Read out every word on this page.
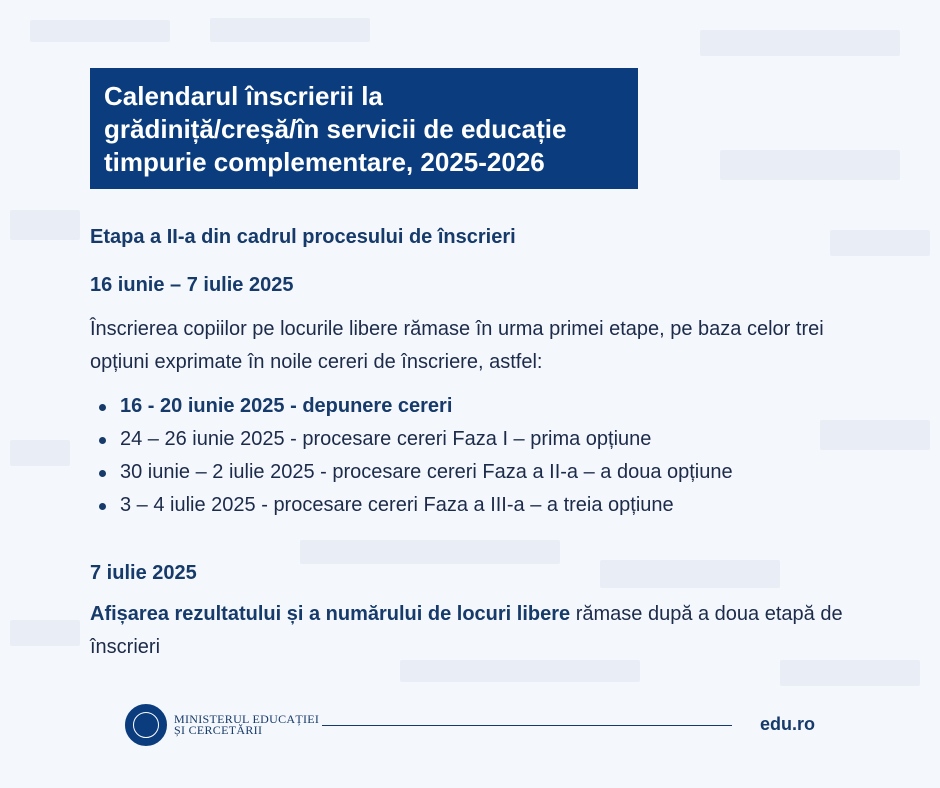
Calendarul înscrierii la
grădiniță/creșă/în servicii de educație
timpurie complementare, 2025-2026
Etapa a II-a din cadrul procesului de înscrieri
16 iunie – 7 iulie 2025
Înscrierea copiilor pe locurile libere rămase în urma primei etape, pe baza celor trei opțiuni exprimate în noile cereri de înscriere, astfel:
16 - 20 iunie 2025 - depunere cereri
24 – 26 iunie 2025 - procesare cereri Faza I – prima opțiune
30 iunie – 2 iulie 2025 - procesare cereri Faza a II-a – a doua opțiune
3 – 4 iulie 2025 - procesare cereri Faza a III-a – a treia opțiune
7 iulie 2025
Afișarea rezultatului și a numărului de locuri libere rămase după a doua etapă de înscrieri
MINISTERUL EDUCAȚIEI
ȘI CERCETĂRII	edu.ro
